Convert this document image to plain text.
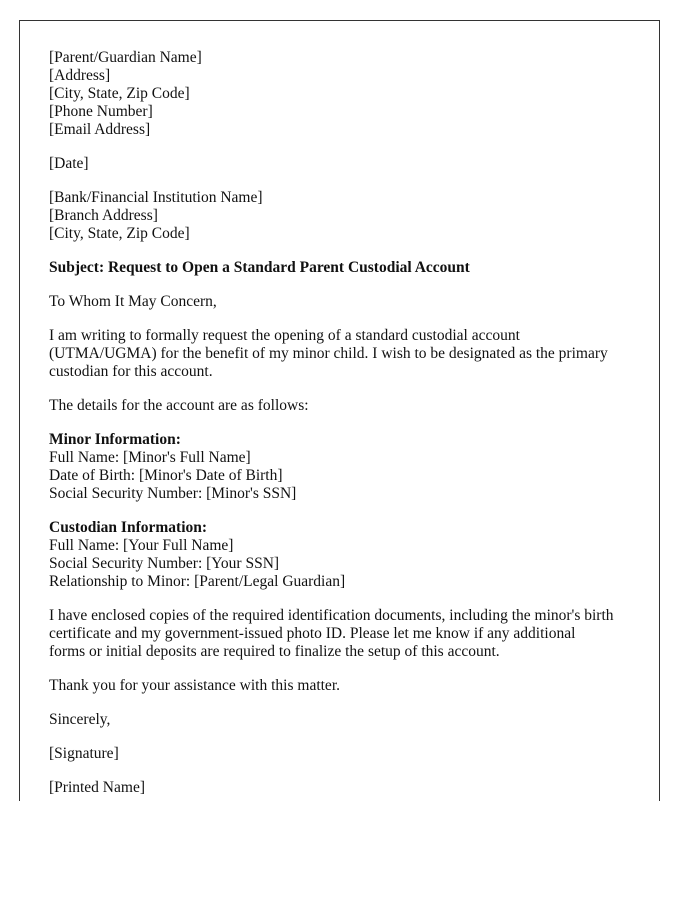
[Parent/Guardian Name]
[Address]
[City, State, Zip Code]
[Phone Number]
[Email Address]
[Date]
[Bank/Financial Institution Name]
[Branch Address]
[City, State, Zip Code]
Subject: Request to Open a Standard Parent Custodial Account
To Whom It May Concern,
I am writing to formally request the opening of a standard custodial account
(UTMA/UGMA) for the benefit of my minor child. I wish to be designated as the primary
custodian for this account.
The details for the account are as follows:
Minor Information:
Full Name: [Minor's Full Name]
Date of Birth: [Minor's Date of Birth]
Social Security Number: [Minor's SSN]
Custodian Information:
Full Name: [Your Full Name]
Social Security Number: [Your SSN]
Relationship to Minor: [Parent/Legal Guardian]
I have enclosed copies of the required identification documents, including the minor's birth
certificate and my government-issued photo ID. Please let me know if any additional
forms or initial deposits are required to finalize the setup of this account.
Thank you for your assistance with this matter.
Sincerely,
[Signature]
[Printed Name]
